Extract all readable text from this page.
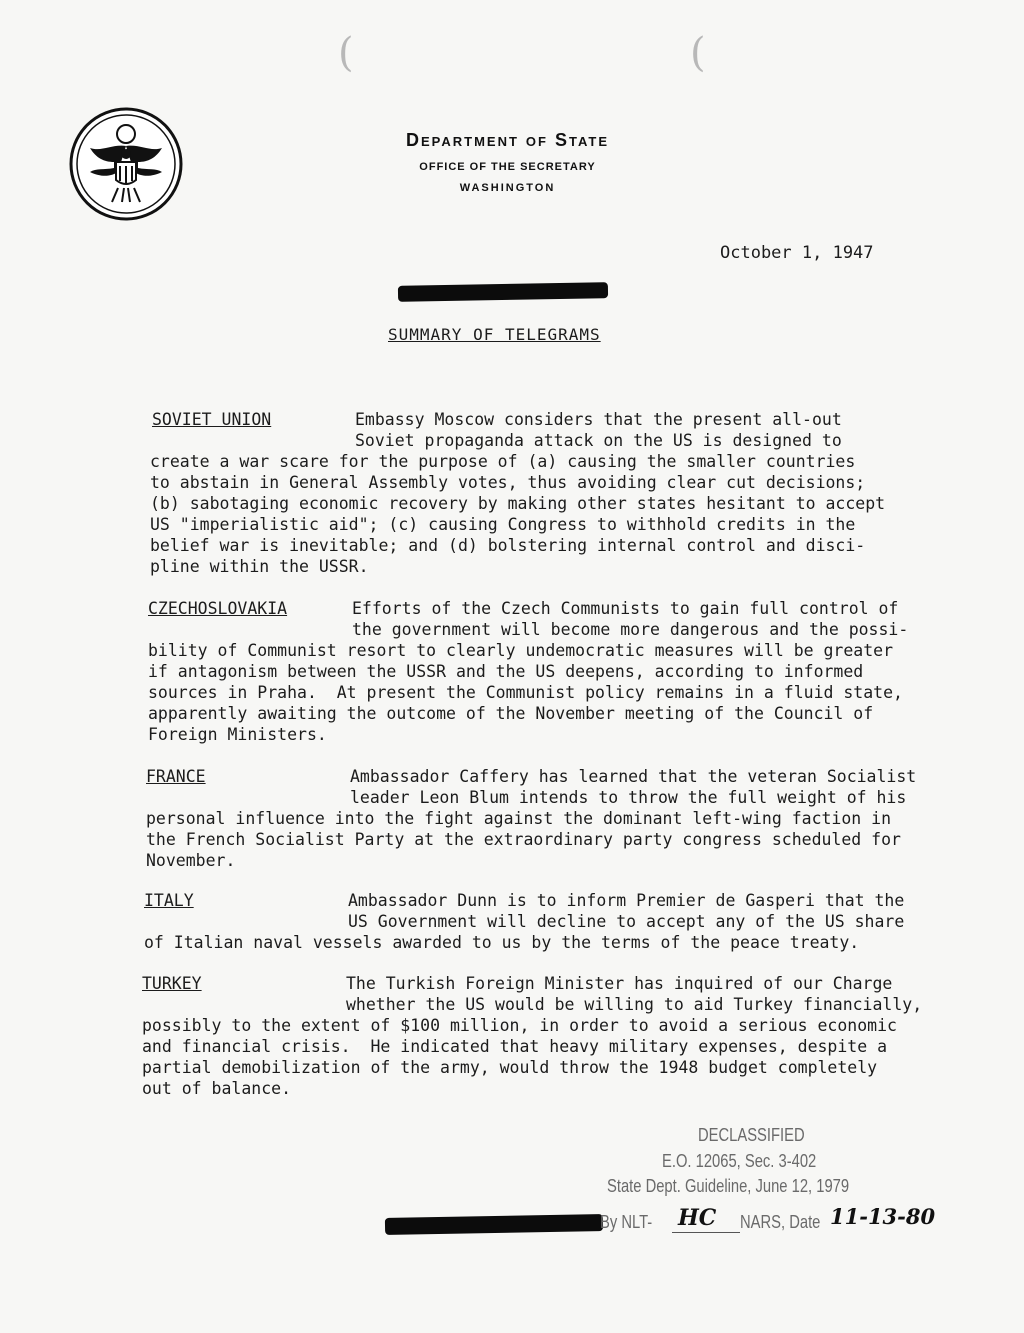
(	(
Department of State
OFFICE OF THE SECRETARY
WASHINGTON
October 1, 1947
SUMMARY OF TELEGRAMS
SOVIET UNION	Embassy Moscow considers that the present all-out
Soviet propaganda attack on the US is designed to
create a war scare for the purpose of (a) causing the smaller countries
to abstain in General Assembly votes, thus avoiding clear cut decisions;
(b) sabotaging economic recovery by making other states hesitant to accept
US "imperialistic aid"; (c) causing Congress to withhold credits in the
belief war is inevitable; and (d) bolstering internal control and disci-
pline within the USSR.
CZECHOSLOVAKIA	Efforts of the Czech Communists to gain full control of
the government will become more dangerous and the possi-
bility of Communist resort to clearly undemocratic measures will be greater
if antagonism between the USSR and the US deepens, according to informed
sources in Praha.  At present the Communist policy remains in a fluid state,
apparently awaiting the outcome of the November meeting of the Council of
Foreign Ministers.
FRANCE	Ambassador Caffery has learned that the veteran Socialist
leader Leon Blum intends to throw the full weight of his
personal influence into the fight against the dominant left-wing faction in
the French Socialist Party at the extraordinary party congress scheduled for
November.
ITALY	Ambassador Dunn is to inform Premier de Gasperi that the
US Government will decline to accept any of the US share
of Italian naval vessels awarded to us by the terms of the peace treaty.
TURKEY	The Turkish Foreign Minister has inquired of our Charge
whether the US would be willing to aid Turkey financially,
possibly to the extent of $100 million, in order to avoid a serious economic
and financial crisis.  He indicated that heavy military expenses, despite a
partial demobilization of the army, would throw the 1948 budget completely
out of balance.
DECLASSIFIED
E.O. 12065, Sec. 3-402
State Dept. Guideline, June 12, 1979
By NLT- HC NARS, Date 11-13-80
